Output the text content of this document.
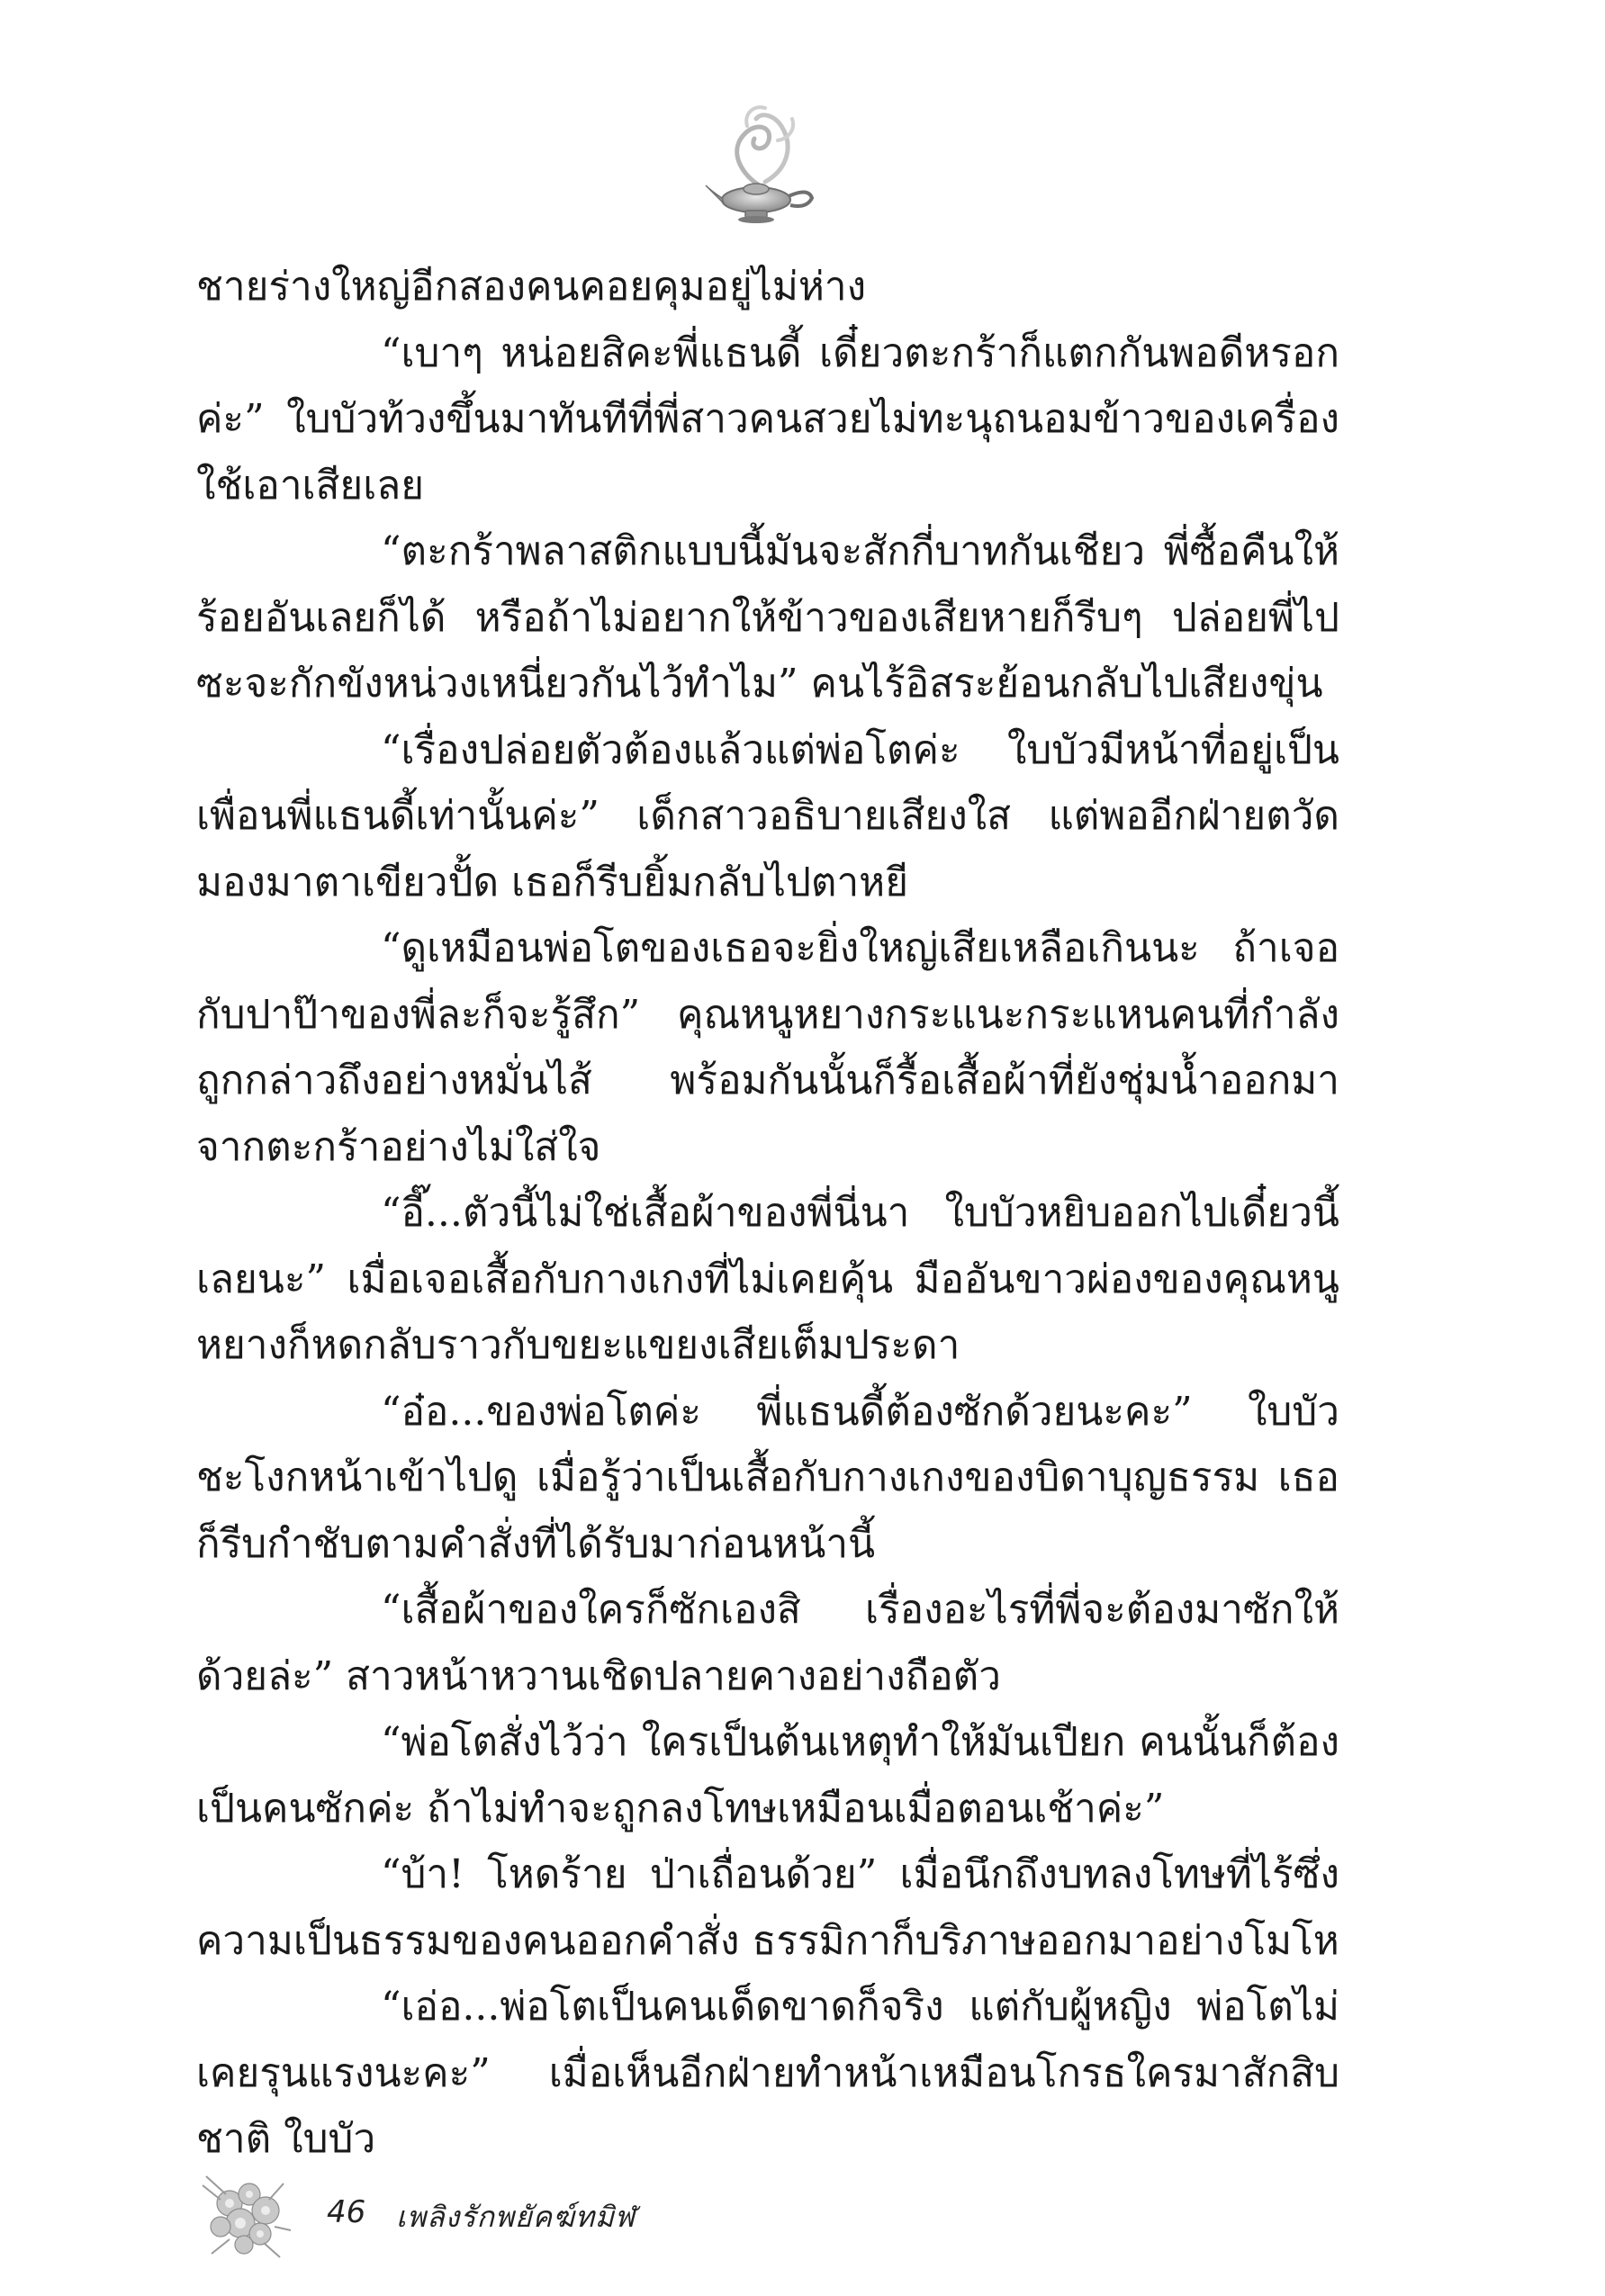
ชายร่างใหญ่อีกสองคนคอยคุมอยู่ไม่ห่าง

“เบาๆ หน่อยสิคะพี่แธนดี้ เดี๋ยวตะกร้าก็แตกกันพอดีหรอกค่ะ” ใบบัวท้วงขึ้นมาทันทีที่พี่สาวคนสวยไม่ทะนุถนอมข้าวของเครื่องใช้เอาเสียเลย

“ตะกร้าพลาสติกแบบนี้มันจะสักกี่บาทกันเชียว พี่ซื้อคืนให้ร้อยอันเลยก็ได้ หรือถ้าไม่อยากให้ข้าวของเสียหายก็รีบๆ ปล่อยพี่ไปซะจะกักขังหน่วงเหนี่ยวกันไว้ทำไม” คนไร้อิสระย้อนกลับไปเสียงขุ่น

“เรื่องปล่อยตัวต้องแล้วแต่พ่อโตค่ะ ใบบัวมีหน้าที่อยู่เป็นเพื่อนพี่แธนดี้เท่านั้นค่ะ” เด็กสาวอธิบายเสียงใส แต่พออีกฝ่ายตวัดมองมาตาเขียวปั้ด เธอก็รีบยิ้มกลับไปตาหยี

“ดูเหมือนพ่อโตของเธอจะยิ่งใหญ่เสียเหลือเกินนะ ถ้าเจอกับปาป๊าของพี่ละก็จะรู้สึก” คุณหนูหยางกระแนะกระแหนคนที่กำลังถูกกล่าวถึงอย่างหมั่นไส้ พร้อมกันนั้นก็รื้อเสื้อผ้าที่ยังชุ่มน้ำออกมาจากตะกร้าอย่างไม่ใส่ใจ

“อี๊...ตัวนี้ไม่ใช่เสื้อผ้าของพี่นี่นา ใบบัวหยิบออกไปเดี๋ยวนี้เลยนะ” เมื่อเจอเสื้อกับกางเกงที่ไม่เคยคุ้น มืออันขาวผ่องของคุณหนูหยางก็หดกลับราวกับขยะแขยงเสียเต็มประดา

“อ๋อ...ของพ่อโตค่ะ พี่แธนดี้ต้องซักด้วยนะคะ” ใบบัวชะโงกหน้าเข้าไปดู เมื่อรู้ว่าเป็นเสื้อกับกางเกงของบิดาบุญธรรม เธอก็รีบกำชับตามคำสั่งที่ได้รับมาก่อนหน้านี้

“เสื้อผ้าของใครก็ซักเองสิ เรื่องอะไรที่พี่จะต้องมาซักให้ด้วยล่ะ” สาวหน้าหวานเชิดปลายคางอย่างถือตัว

“พ่อโตสั่งไว้ว่า ใครเป็นต้นเหตุทำให้มันเปียก คนนั้นก็ต้องเป็นคนซักค่ะ ถ้าไม่ทำจะถูกลงโทษเหมือนเมื่อตอนเช้าค่ะ”

“บ้า! โหดร้าย ป่าเถื่อนด้วย” เมื่อนึกถึงบทลงโทษที่ไร้ซึ่งความเป็นธรรมของคนออกคำสั่ง ธรรมิกาก็บริภาษออกมาอย่างโมโห

“เอ่อ...พ่อโตเป็นคนเด็ดขาดก็จริง แต่กับผู้หญิง พ่อโตไม่เคยรุนแรงนะคะ” เมื่อเห็นอีกฝ่ายทำหน้าเหมือนโกรธใครมาสักสิบชาติ ใบบัว

46 เพลิงรักพยัคฆ์ทมิฬ
